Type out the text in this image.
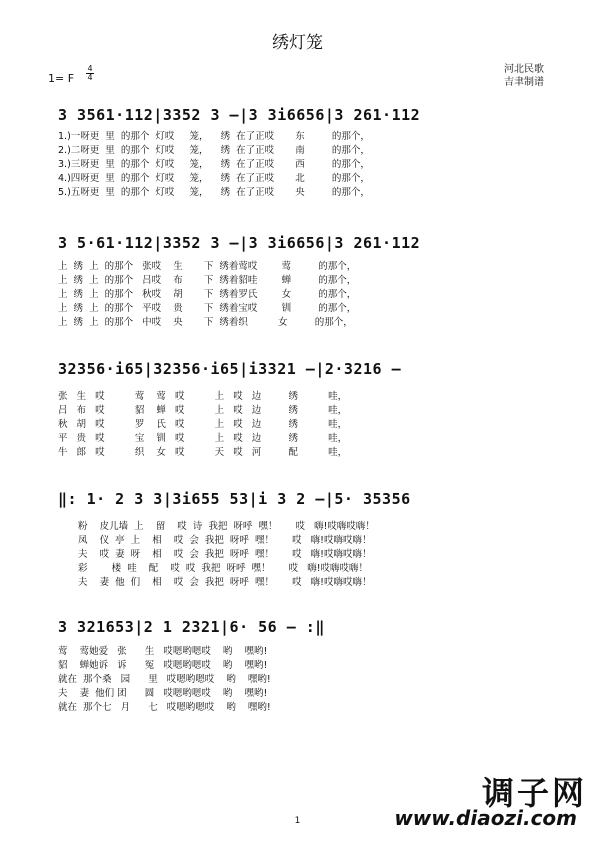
绣灯笼
河北民歌
吉聿制谱
1= F
4
4
3 3561·112|3352 3 –|3 3i6656|3 261·112
1.)一呀更  里  的那个  灯哎     笼，    绣  在了正哎       东         的那个，
2.)二呀更  里  的那个  灯哎     笼，    绣  在了正哎       南         的那个，
3.)三呀更  里  的那个  灯哎     笼，    绣  在了正哎       西         的那个，
4.)四呀更  里  的那个  灯哎     笼，    绣  在了正哎       北         的那个，
5.)五呀更  里  的那个  灯哎     笼，    绣  在了正哎       央         的那个，
3 5·61·112|3352 3 –|3 3i6656|3 261·112
上  绣  上  的那个   张哎    生       下  绣着莺哎        莺         的那个，
上  绣  上  的那个   吕哎    布       下  绣着貂哇        蝉         的那个，
上  绣  上  的那个   秋哎    胡       下  绣着罗氏        女         的那个，
上  绣  上  的那个   平哎    贵       下  绣着宝哎        钏         的那个，
上  绣  上  的那个   中哎    央       下  绣着织          女         的那个，
32356·i65|32356·i65|i3321 –|2·3216 –
张   生   哎          莺    莺   哎          上   哎   边         绣          哇，
吕   布   哎          貂    蝉   哎          上   哎   边         绣          哇，
秋   胡   哎          罗    氏   哎          上   哎   边         绣          哇，
平   贵   哎          宝    钏   哎          上   哎   边         绣          哇，
牛   郎   哎          织    女   哎          天   哎   河         配          哇，
‖: 1· 2 3 3|3i655 53|i 3 2 –|5· 35356
粉    皮儿墙  上    留    哎  诗  我把  呀呼  嘿！      哎   嗨!哎嗨哎嗨！
凤    仪  亭  上    相    哎  会  我把  呀呼  嘿！      哎   嗨!哎嗨哎嗨！
夫    哎  妻  呀    相    哎  会  我把  呀呼  嘿！      哎   嗨!哎嗨哎嗨！
彩        楼  哇    配    哎  哎  我把  呀呼  嘿！      哎   嗨!哎嗨哎嗨！
夫    妻  他  们    相    哎  会  我把  呀呼  嘿！      哎   嗨!哎嗨哎嗨！
3 321653|2 1 2321|6· 56 – :‖
莺    莺她爱   张      生   哎嗯哟嗯哎    哟    嘿哟!
貂    蝉她诉   诉      冤   哎嗯哟嗯哎    哟    嘿哟!
就在  那个桑   园      里   哎嗯哟嗯哎    哟    嘿哟!
夫    妻  他们 团      圆   哎嗯哟嗯哎    哟    嘿哟!
就在  那个七   月      七   哎嗯哟嗯哎    哟    嘿哟!
调子网
www.diaozi.com
1
